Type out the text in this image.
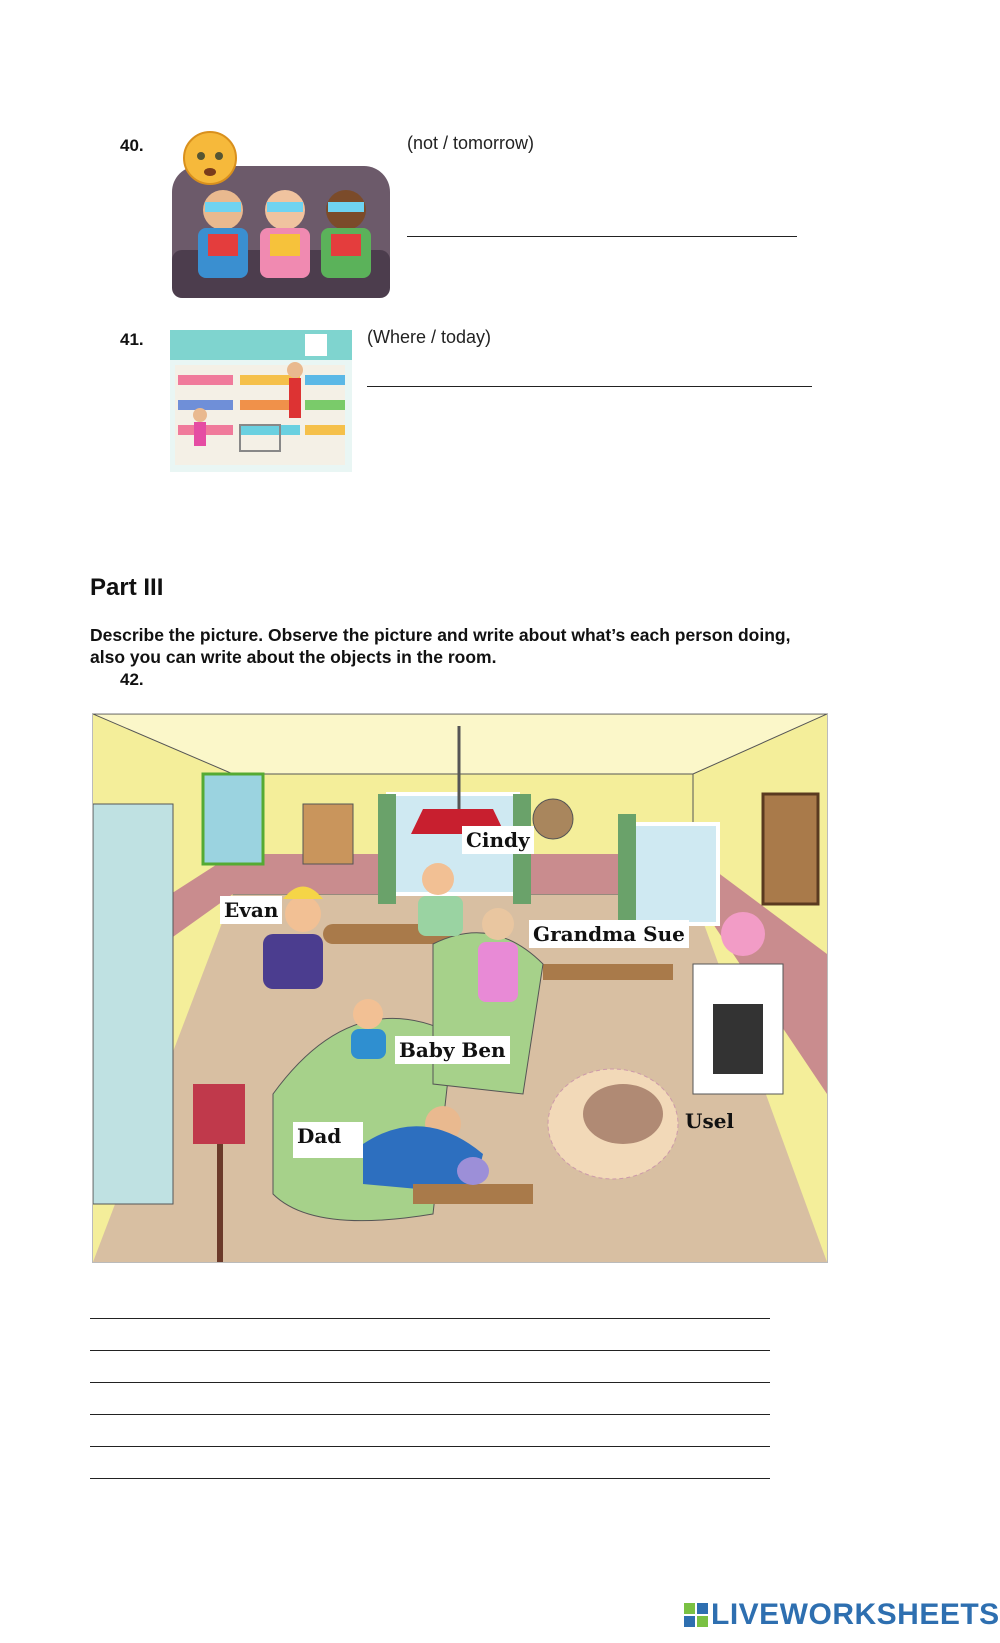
40.	(not / tomorrow)
41.	(Where / today)
Part III
Describe the picture. Observe the picture and write about what’s each person doing,
also you can write about the objects in the room.
42.
Cindy
Evan
Grandma Sue
Baby Ben
Dad
Usel
LIVEWORKSHEETS
